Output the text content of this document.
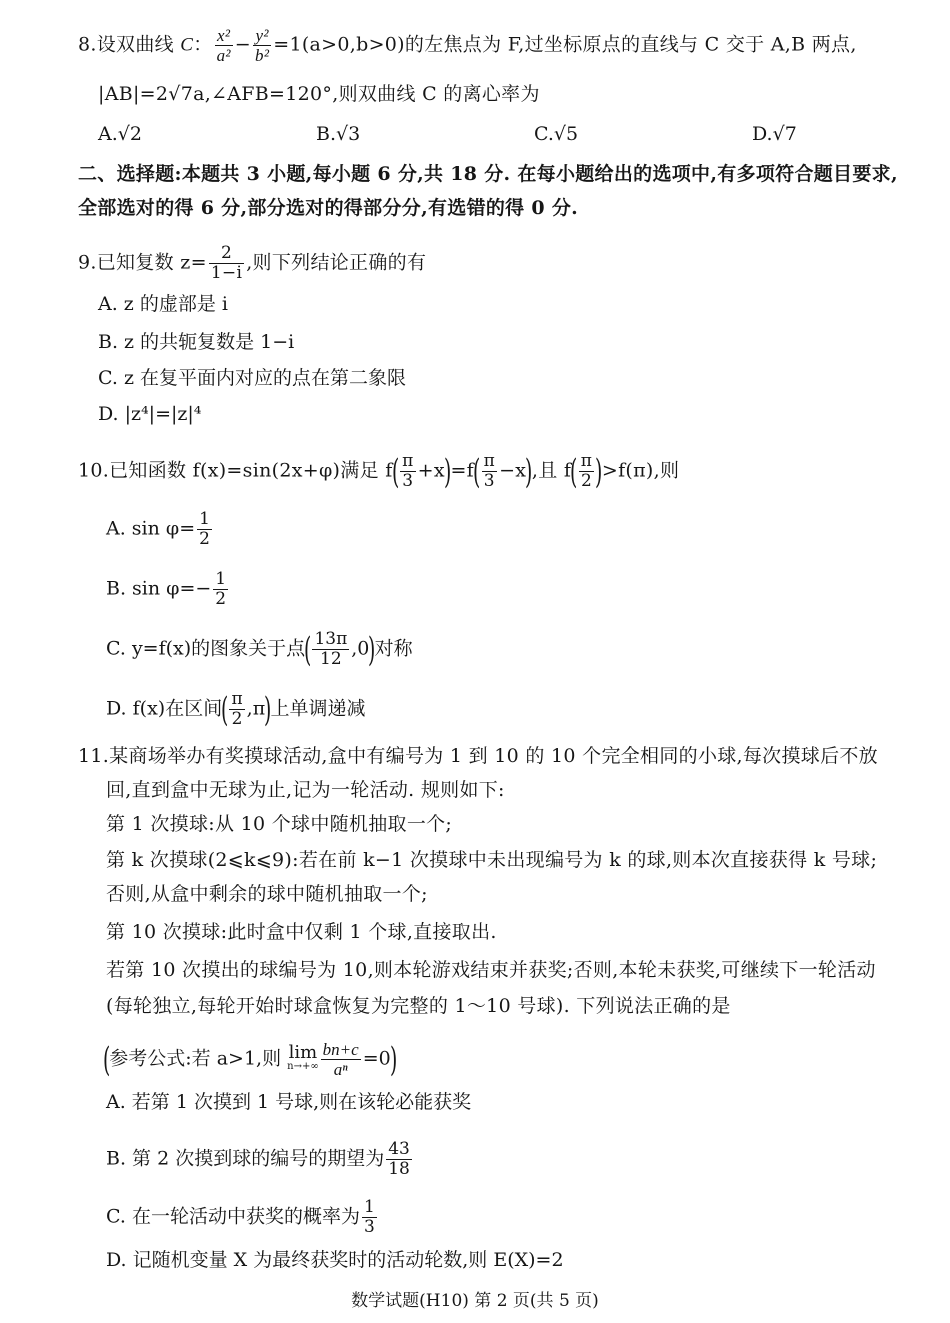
8.设双曲线 C： $\frac{\text{x²}}{\text{a²}} - \frac{\text{y²}}{\text{b²}} =1(a>0,b>0)$的左焦点为 F,过坐标原点的直线与 C 交于 A,B 两点,
|AB|=2√7a,∠AFB=120°,则双曲线 C 的离心率为
A.√2	B.√3	C.√5	D.√7
二、选择题:本题共 3 小题,每小题 6 分,共 18 分. 在每小题给出的选项中,有多项符合题目要求,
全部选对的得 6 分,部分选对的得部分分,有选错的得 0 分.
9.已知复数 $z= \frac{2}{1-i}$ ,则下列结论正确的有
A. z 的虚部是 i
B. z 的共轭复数是 1−i
C. z 在复平面内对应的点在第二象限
D. |z⁴|=|z|⁴
10.已知函数 f(x)=sin(2x+φ)满足 $f( \frac{\pi}{3} +x)=f( \frac{\pi}{3} -x)$,且 $f( \frac{\pi}{2} )>f(\pi)$,则
A. $\sin \varphi= \frac{1}{2}$
B. $\sin \varphi=- \frac{1}{2}$
C. y=f(x)的图象关于点( $\frac{13\pi}{12} ,0$)对称
D. f(x)在区间( $\frac{\pi}{2} ,\pi$)上单调递减
11.某商场举办有奖摸球活动,盒中有编号为 1 到 10 的 10 个完全相同的小球,每次摸球后不放
回,直到盒中无球为止,记为一轮活动. 规则如下:
第 1 次摸球:从 10 个球中随机抽取一个;
第 k 次摸球(2⩽k⩽9):若在前 k−1 次摸球中未出现编号为 k 的球,则本次直接获得 k 号球;
否则,从盒中剩余的球中随机抽取一个;
第 10 次摸球:此时盒中仅剩 1 个球,直接取出.
若第 10 次摸出的球编号为 10,则本轮游戏结束并获奖;否则,本轮未获奖,可继续下一轮活动
(每轮独立,每轮开始时球盒恢复为完整的 1～10 号球). 下列说法正确的是
(参考公式:若 a>1,则 lim
$n\to+\infty \frac{bn+c}{\text{aⁿ}} =0$)
A. 若第 1 次摸到 1 号球,则在该轮必能获奖
B. 第 2 次摸到球的编号的期望为 $\frac{43}{18}$
C. 在一轮活动中获奖的概率为 $\frac{1}{3}$
D. 记随机变量 X 为最终获奖时的活动轮数,则 E(X)=2
数学试题(H10) 第 2 页(共 5 页)
